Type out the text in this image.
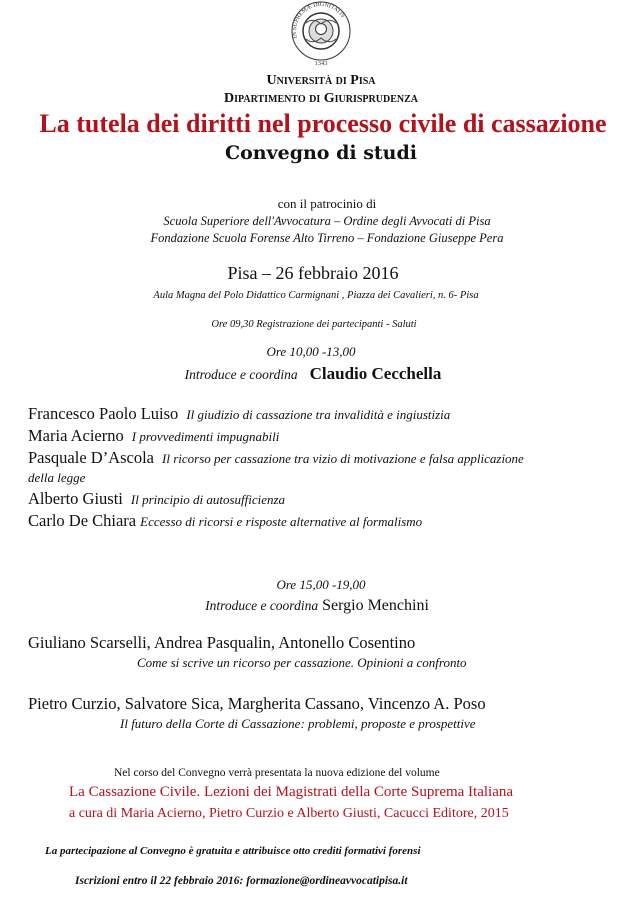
1343
IN SUPREMÆ DIGNITATIS
Università di Pisa
Dipartimento di Giurisprudenza
La tutela dei diritti nel processo civile di cassazione
Convegno di studi
con il patrocinio di
Scuola Superiore dell'Avvocatura – Ordine degli Avvocati di Pisa
Fondazione Scuola Forense Alto Tirreno – Fondazione Giuseppe Pera
Pisa – 26 febbraio 2016
Aula Magna del Polo Didattico Carmignani , Piazza dei Cavalieri, n. 6- Pisa
Ore 09,30 Registrazione dei partecipanti - Saluti
Ore 10,00 -13,00
Introduce e coordina Claudio Cecchella
Francesco Paolo Luiso Il giudizio di cassazione tra invalidità e ingiustizia
Maria Acierno I provvedimenti impugnabili
Pasquale D’Ascola Il ricorso per cassazione tra vizio di motivazione e falsa applicazione
della legge
Alberto Giusti Il principio di autosufficienza
Carlo De Chiara Eccesso di ricorsi e risposte alternative al formalismo
Ore 15,00 -19,00
Introduce e coordina Sergio Menchini
Giuliano Scarselli, Andrea Pasqualin, Antonello Cosentino
Come si scrive un ricorso per cassazione. Opinioni a confronto
Pietro Curzio, Salvatore Sica, Margherita Cassano, Vincenzo A. Poso
Il futuro della Corte di Cassazione: problemi, proposte e prospettive
Nel corso del Convegno verrà presentata la nuova edizione del volume
La Cassazione Civile. Lezioni dei Magistrati della Corte Suprema Italiana
a cura di Maria Acierno, Pietro Curzio e Alberto Giusti, Cacucci Editore, 2015
La partecipazione al Convegno è gratuita e attribuisce otto crediti formativi forensi
Iscrizioni entro il 22 febbraio 2016: formazione@ordineavvocatipisa.it
